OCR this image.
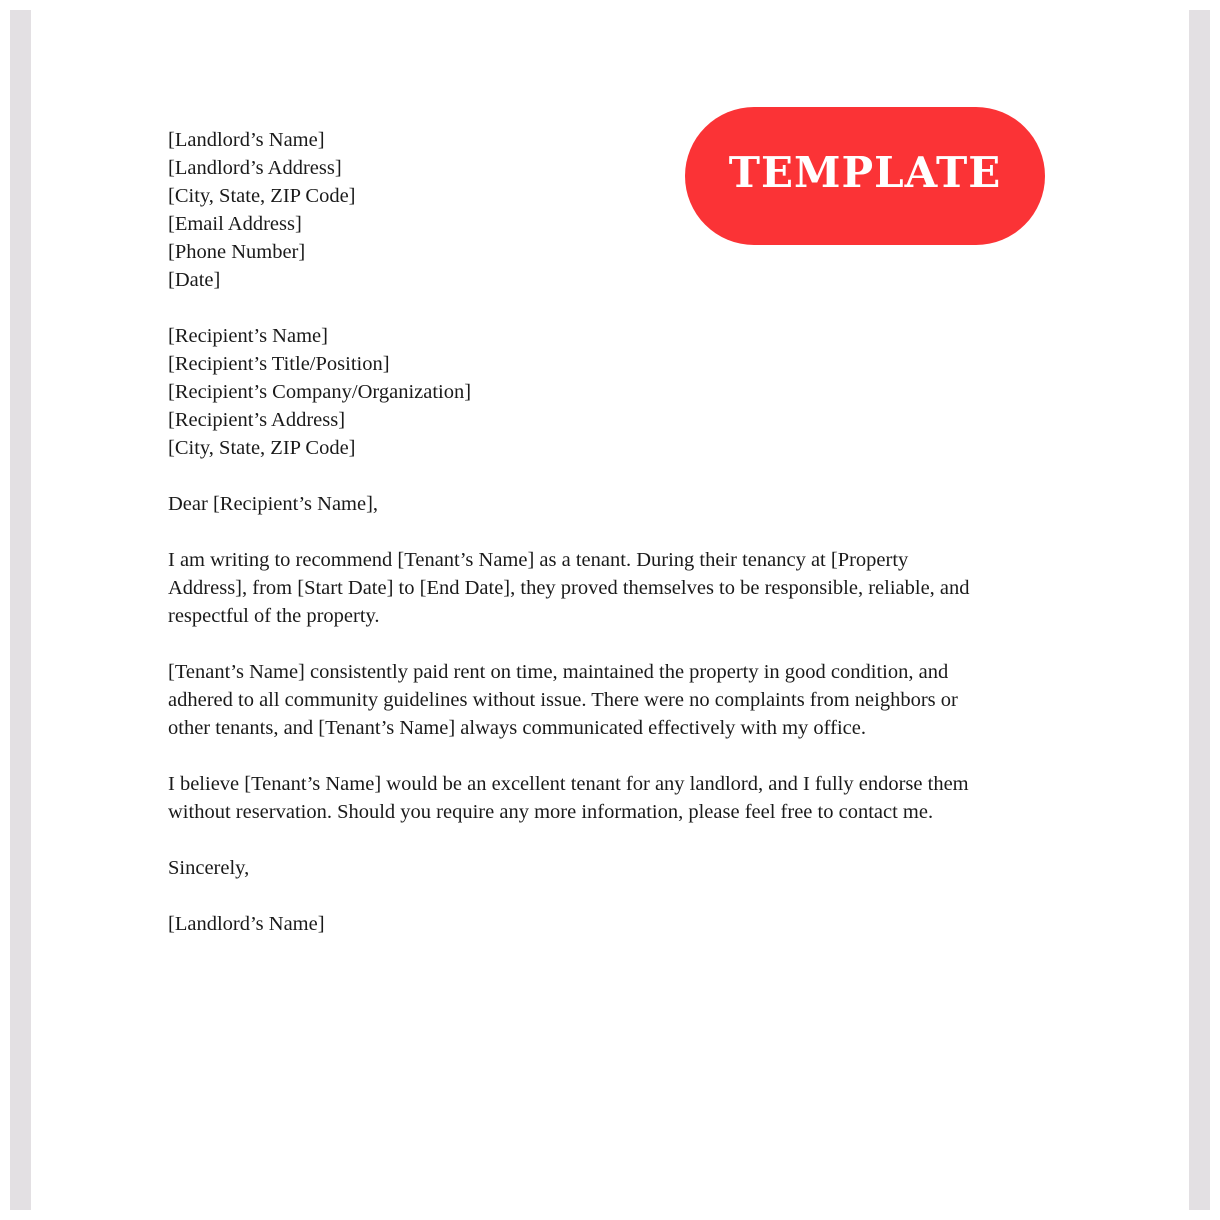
TEMPLATE
[Landlord’s Name]
[Landlord’s Address]
[City, State, ZIP Code]
[Email Address]
[Phone Number]
[Date]
[Recipient’s Name]
[Recipient’s Title/Position]
[Recipient’s Company/Organization]
[Recipient’s Address]
[City, State, ZIP Code]
Dear [Recipient’s Name],

I am writing to recommend [Tenant’s Name] as a tenant. During their tenancy at [Property
Address], from [Start Date] to [End Date], they proved themselves to be responsible, reliable, and
respectful of the property.

[Tenant’s Name] consistently paid rent on time, maintained the property in good condition, and
adhered to all community guidelines without issue. There were no complaints from neighbors or
other tenants, and [Tenant’s Name] always communicated effectively with my office.

I believe [Tenant’s Name] would be an excellent tenant for any landlord, and I fully endorse them
without reservation. Should you require any more information, please feel free to contact me.

Sincerely,
[Landlord’s Name]
